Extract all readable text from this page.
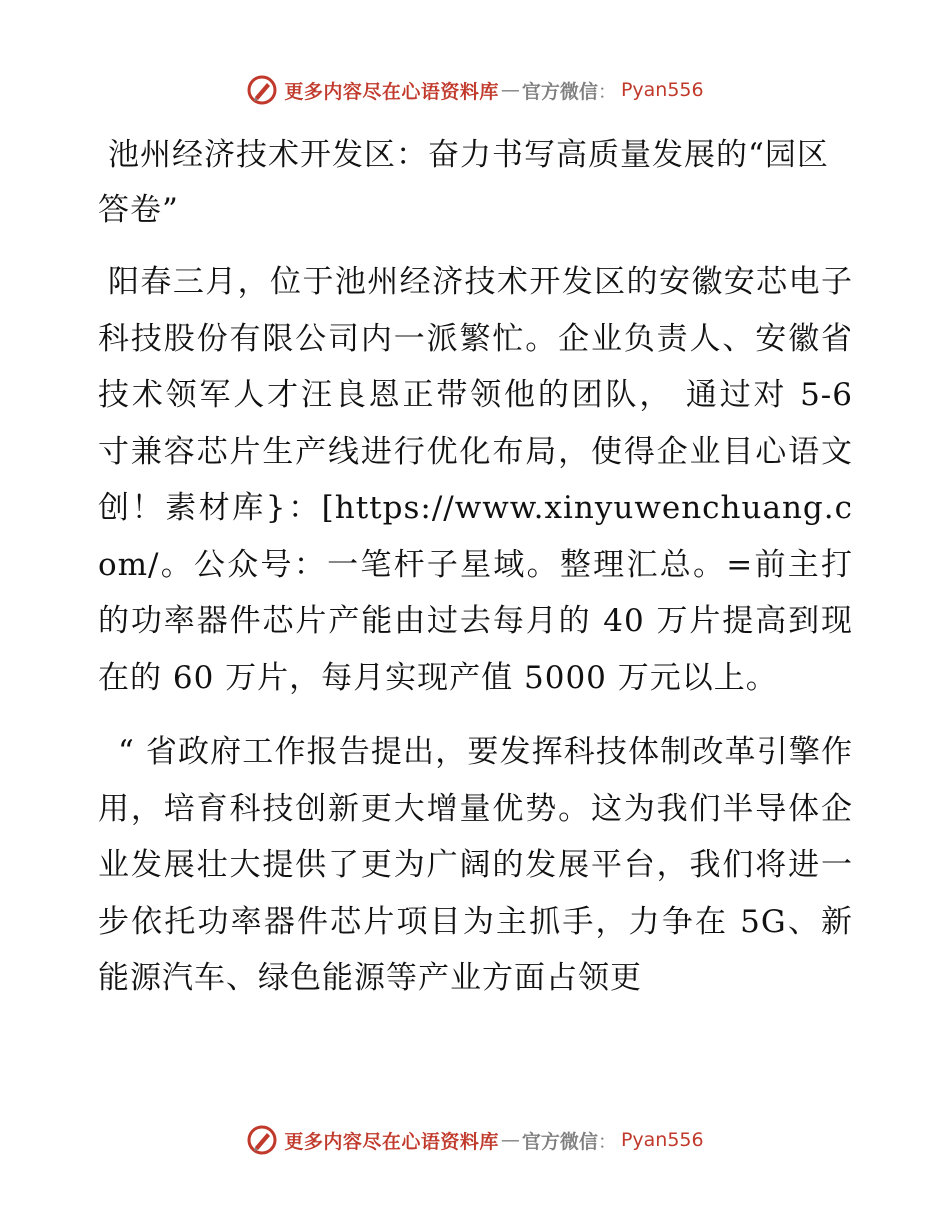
更多内容尽在心语资料库 — 官方微信 ： Pyan556
池州经济技术开发区：奋力书写高质量发展的“园区答卷”

阳春三月，位于池州经济技术开发区的安徽安芯电子科技股份有限公司内一派繁忙。企业负责人、安徽省技术领军人才汪良恩正带领他的团队， 通过对 5-6 寸兼容芯片生产线进行优化布局，使得企业目心语文创！素材库}：[https://www.xinyuwenchuang.com/。公众号：一笔杆子星域。整理汇总。=前主打的功率器件芯片产能由过去每月的 40 万片提高到现在的 60 万片，每月实现产值 5000 万元以上。

“ 省政府工作报告提出，要发挥科技体制改革引擎作用，培育科技创新更大增量优势。这为我们半导体企业发展壮大提供了更为广阔的发展平台，我们将进一步依托功率器件芯片项目为主抓手，力争在 5G、新能源汽车、绿色能源等产业方面占领更

更多内容尽在心语资料库 — 官方微信 ： Pyan556
